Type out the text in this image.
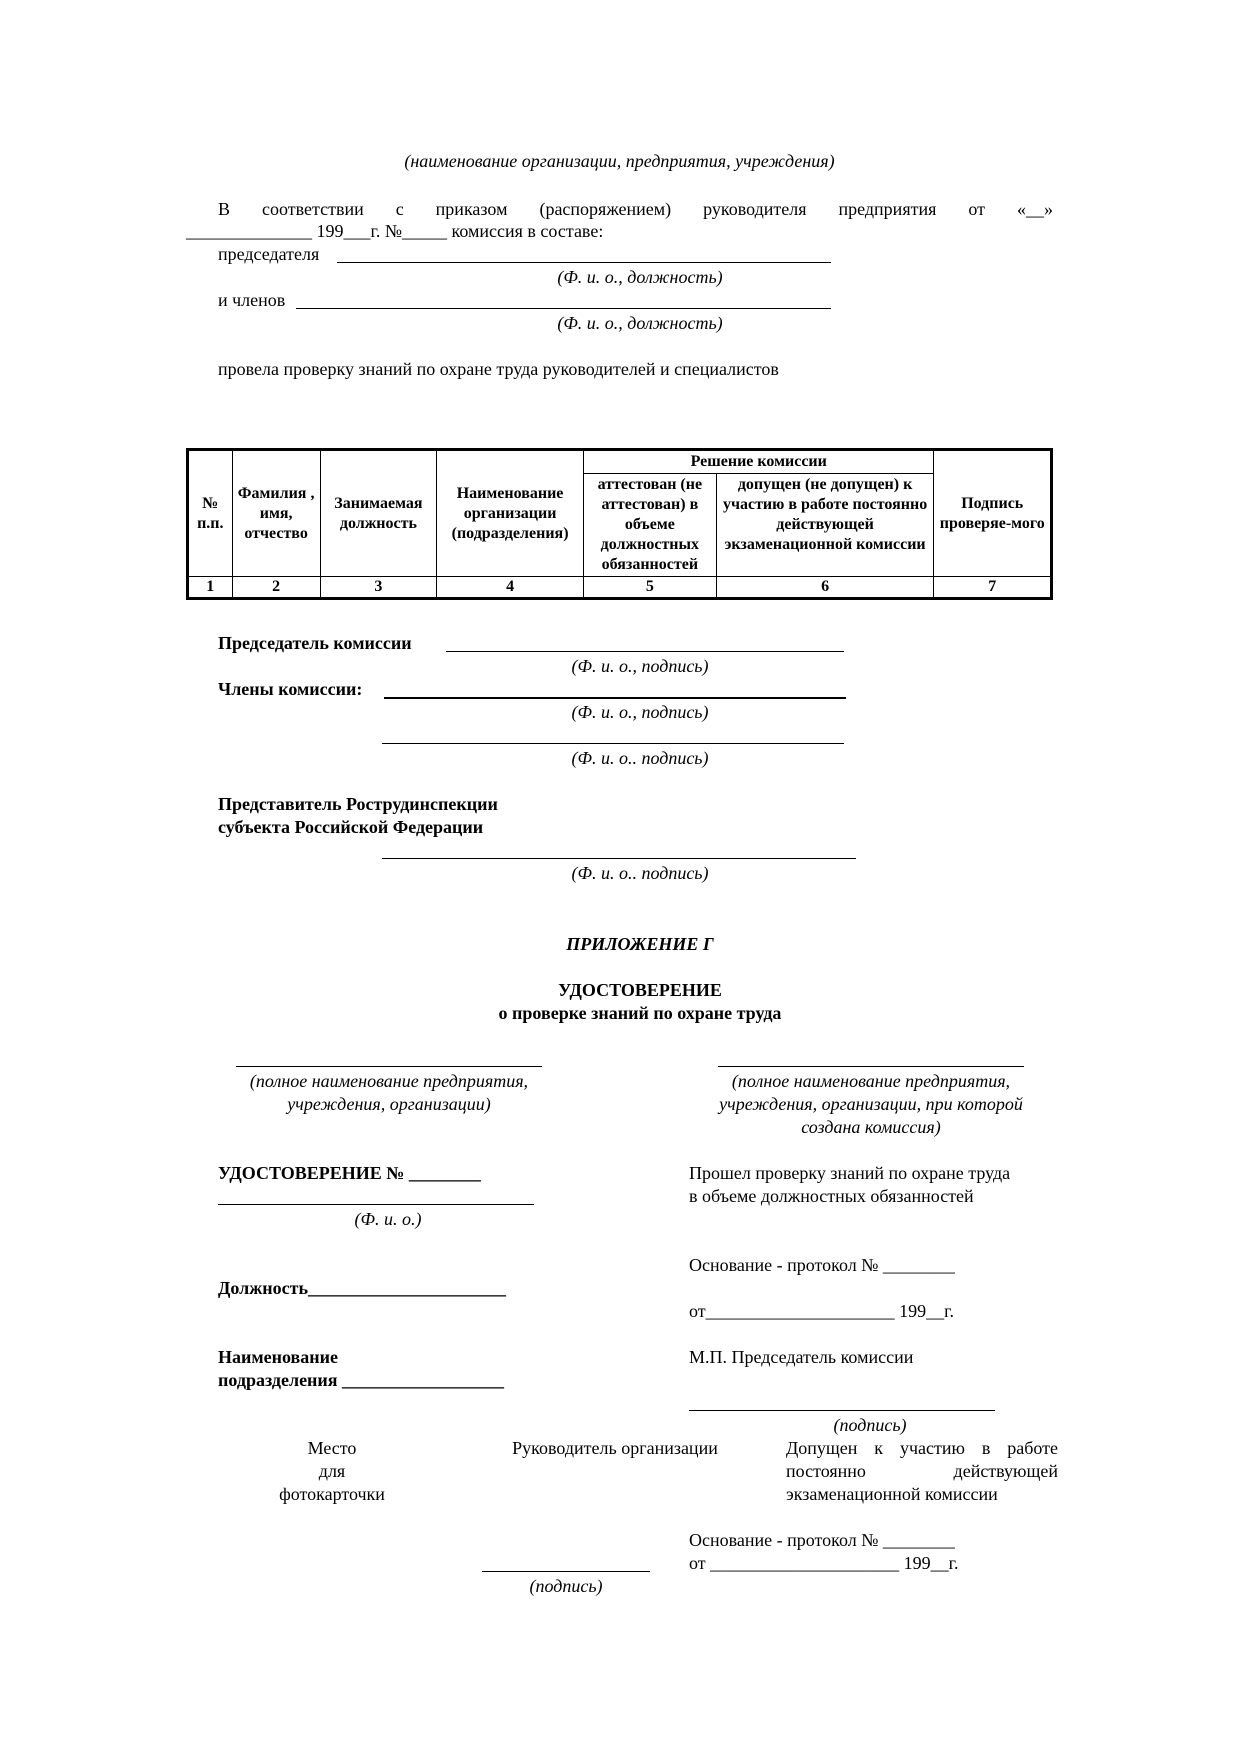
(наименование организации, предприятия, учреждения)
В соответствии с приказом (распоряжением) руководителя предприятия от «__»
______________ 199___г. №_____ комиссия в составе:
председателя
(Ф. и. о., должность)
и членов
(Ф. и. о., должность)
провела проверку знаний по охране труда руководителей и специалистов
№ п.п.	Фамилия , имя, отчество	Занимаемая должность	Наименование организации (подразделения)	Решение комиссии		Подпись проверяе-мого
				аттестован (не аттестован) в объеме должностных обязанностей	допущен (не допущен) к участию в работе постоянно действующей экзаменационной комиссии	
1	2	3	4	5	6	7
Председатель комиссии
(Ф. и. о., подпись)
Члены комиссии:
(Ф. и. о., подпись)
(Ф. и. о.. подпись)
Представитель Рострудинспекции
субъекта Российской Федерации
(Ф. и. о.. подпись)
ПРИЛОЖЕНИЕ Г
УДОСТОВЕРЕНИЕ
о проверке знаний по охране труда
(полное наименование предприятия,
учреждения, организации)
(полное наименование предприятия,
учреждения, организации, при которой
создана комиссия)
УДОСТОВЕРЕНИЕ № ________
(Ф. и. о.)
Должность______________________
Наименование
подразделения __________________
Прошел проверку знаний по охране труда
в объеме должностных обязанностей
Основание - протокол № ________
от_____________________ 199__г.
М.П. Председатель комиссии
(подпись)
Место
для
фотокарточки
Руководитель организации	Допущен к участию в работе постоянно действующей экзаменационной комиссии
Основание - протокол № ________
от _____________________ 199__г.
(подпись)
